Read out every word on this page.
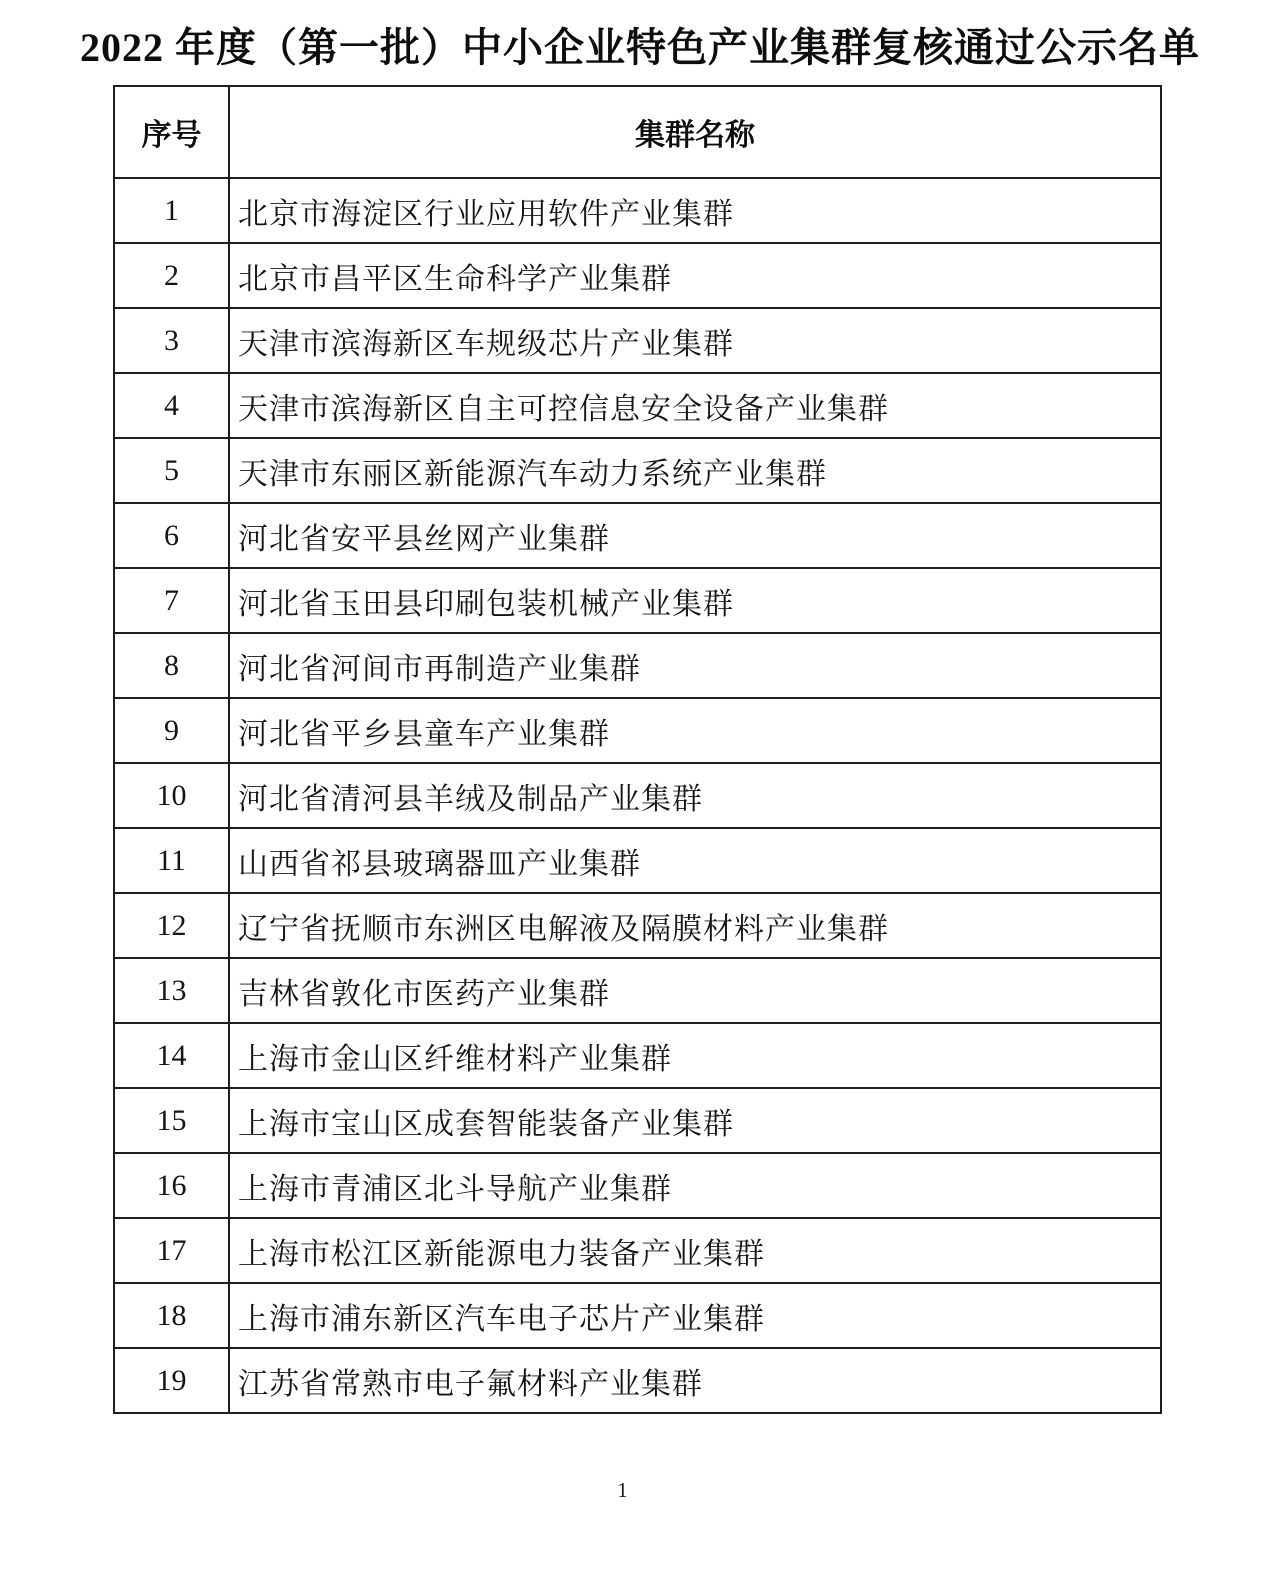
2022 年度（第一批）中小企业特色产业集群复核通过公示名单
序号	集群名称
1	北京市海淀区行业应用软件产业集群
2	北京市昌平区生命科学产业集群
3	天津市滨海新区车规级芯片产业集群
4	天津市滨海新区自主可控信息安全设备产业集群
5	天津市东丽区新能源汽车动力系统产业集群
6	河北省安平县丝网产业集群
7	河北省玉田县印刷包装机械产业集群
8	河北省河间市再制造产业集群
9	河北省平乡县童车产业集群
10	河北省清河县羊绒及制品产业集群
11	山西省祁县玻璃器皿产业集群
12	辽宁省抚顺市东洲区电解液及隔膜材料产业集群
13	吉林省敦化市医药产业集群
14	上海市金山区纤维材料产业集群
15	上海市宝山区成套智能装备产业集群
16	上海市青浦区北斗导航产业集群
17	上海市松江区新能源电力装备产业集群
18	上海市浦东新区汽车电子芯片产业集群
19	江苏省常熟市电子氟材料产业集群
1
